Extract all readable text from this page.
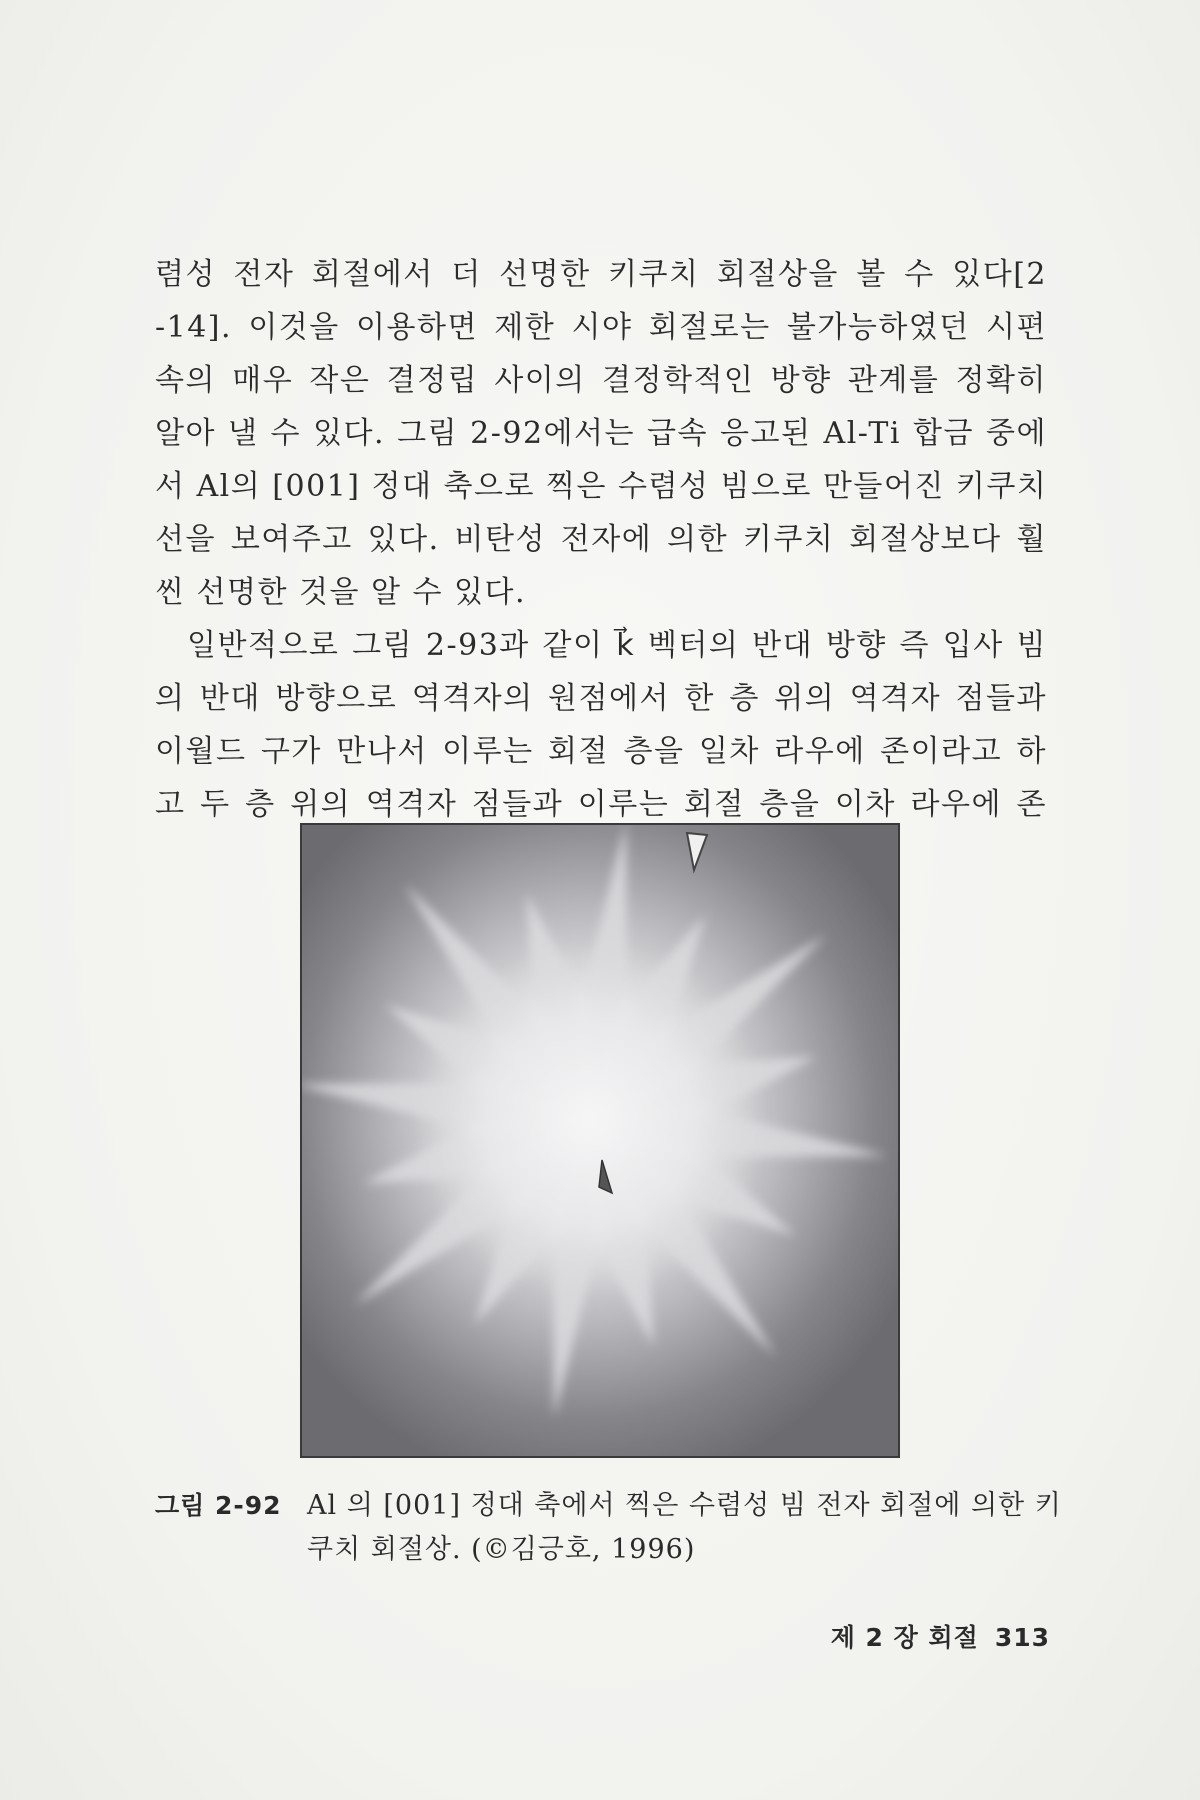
렴성 전자 회절에서 더 선명한 키쿠치 회절상을 볼 수 있다[2
-14]. 이것을 이용하면 제한 시야 회절로는 불가능하였던 시편
속의 매우 작은 결정립 사이의 결정학적인 방향 관계를 정확히
알아 낼 수 있다. 그림 2-92에서는 급속 응고된 Al-Ti 합금 중에
서 Al의 [001] 정대 축으로 찍은 수렴성 빔으로 만들어진 키쿠치
선을 보여주고 있다. 비탄성 전자에 의한 키쿠치 회절상보다 훨
씬 선명한 것을 알 수 있다.
일반적으로 그림 2-93과 같이 k⃗ 벡터의 반대 방향 즉 입사 빔
의 반대 방향으로 역격자의 원점에서 한 층 위의 역격자 점들과
이월드 구가 만나서 이루는 회절 층을 일차 라우에 존이라고 하
고 두 층 위의 역격자 점들과 이루는 회절 층을 이차 라우에 존
그림 2-92 Al 의 [001] 정대 축에서 찍은 수렴성 빔 전자 회절에 의한 키
쿠치 회절상. (©김긍호, 1996)
제 2 장 회절 313
